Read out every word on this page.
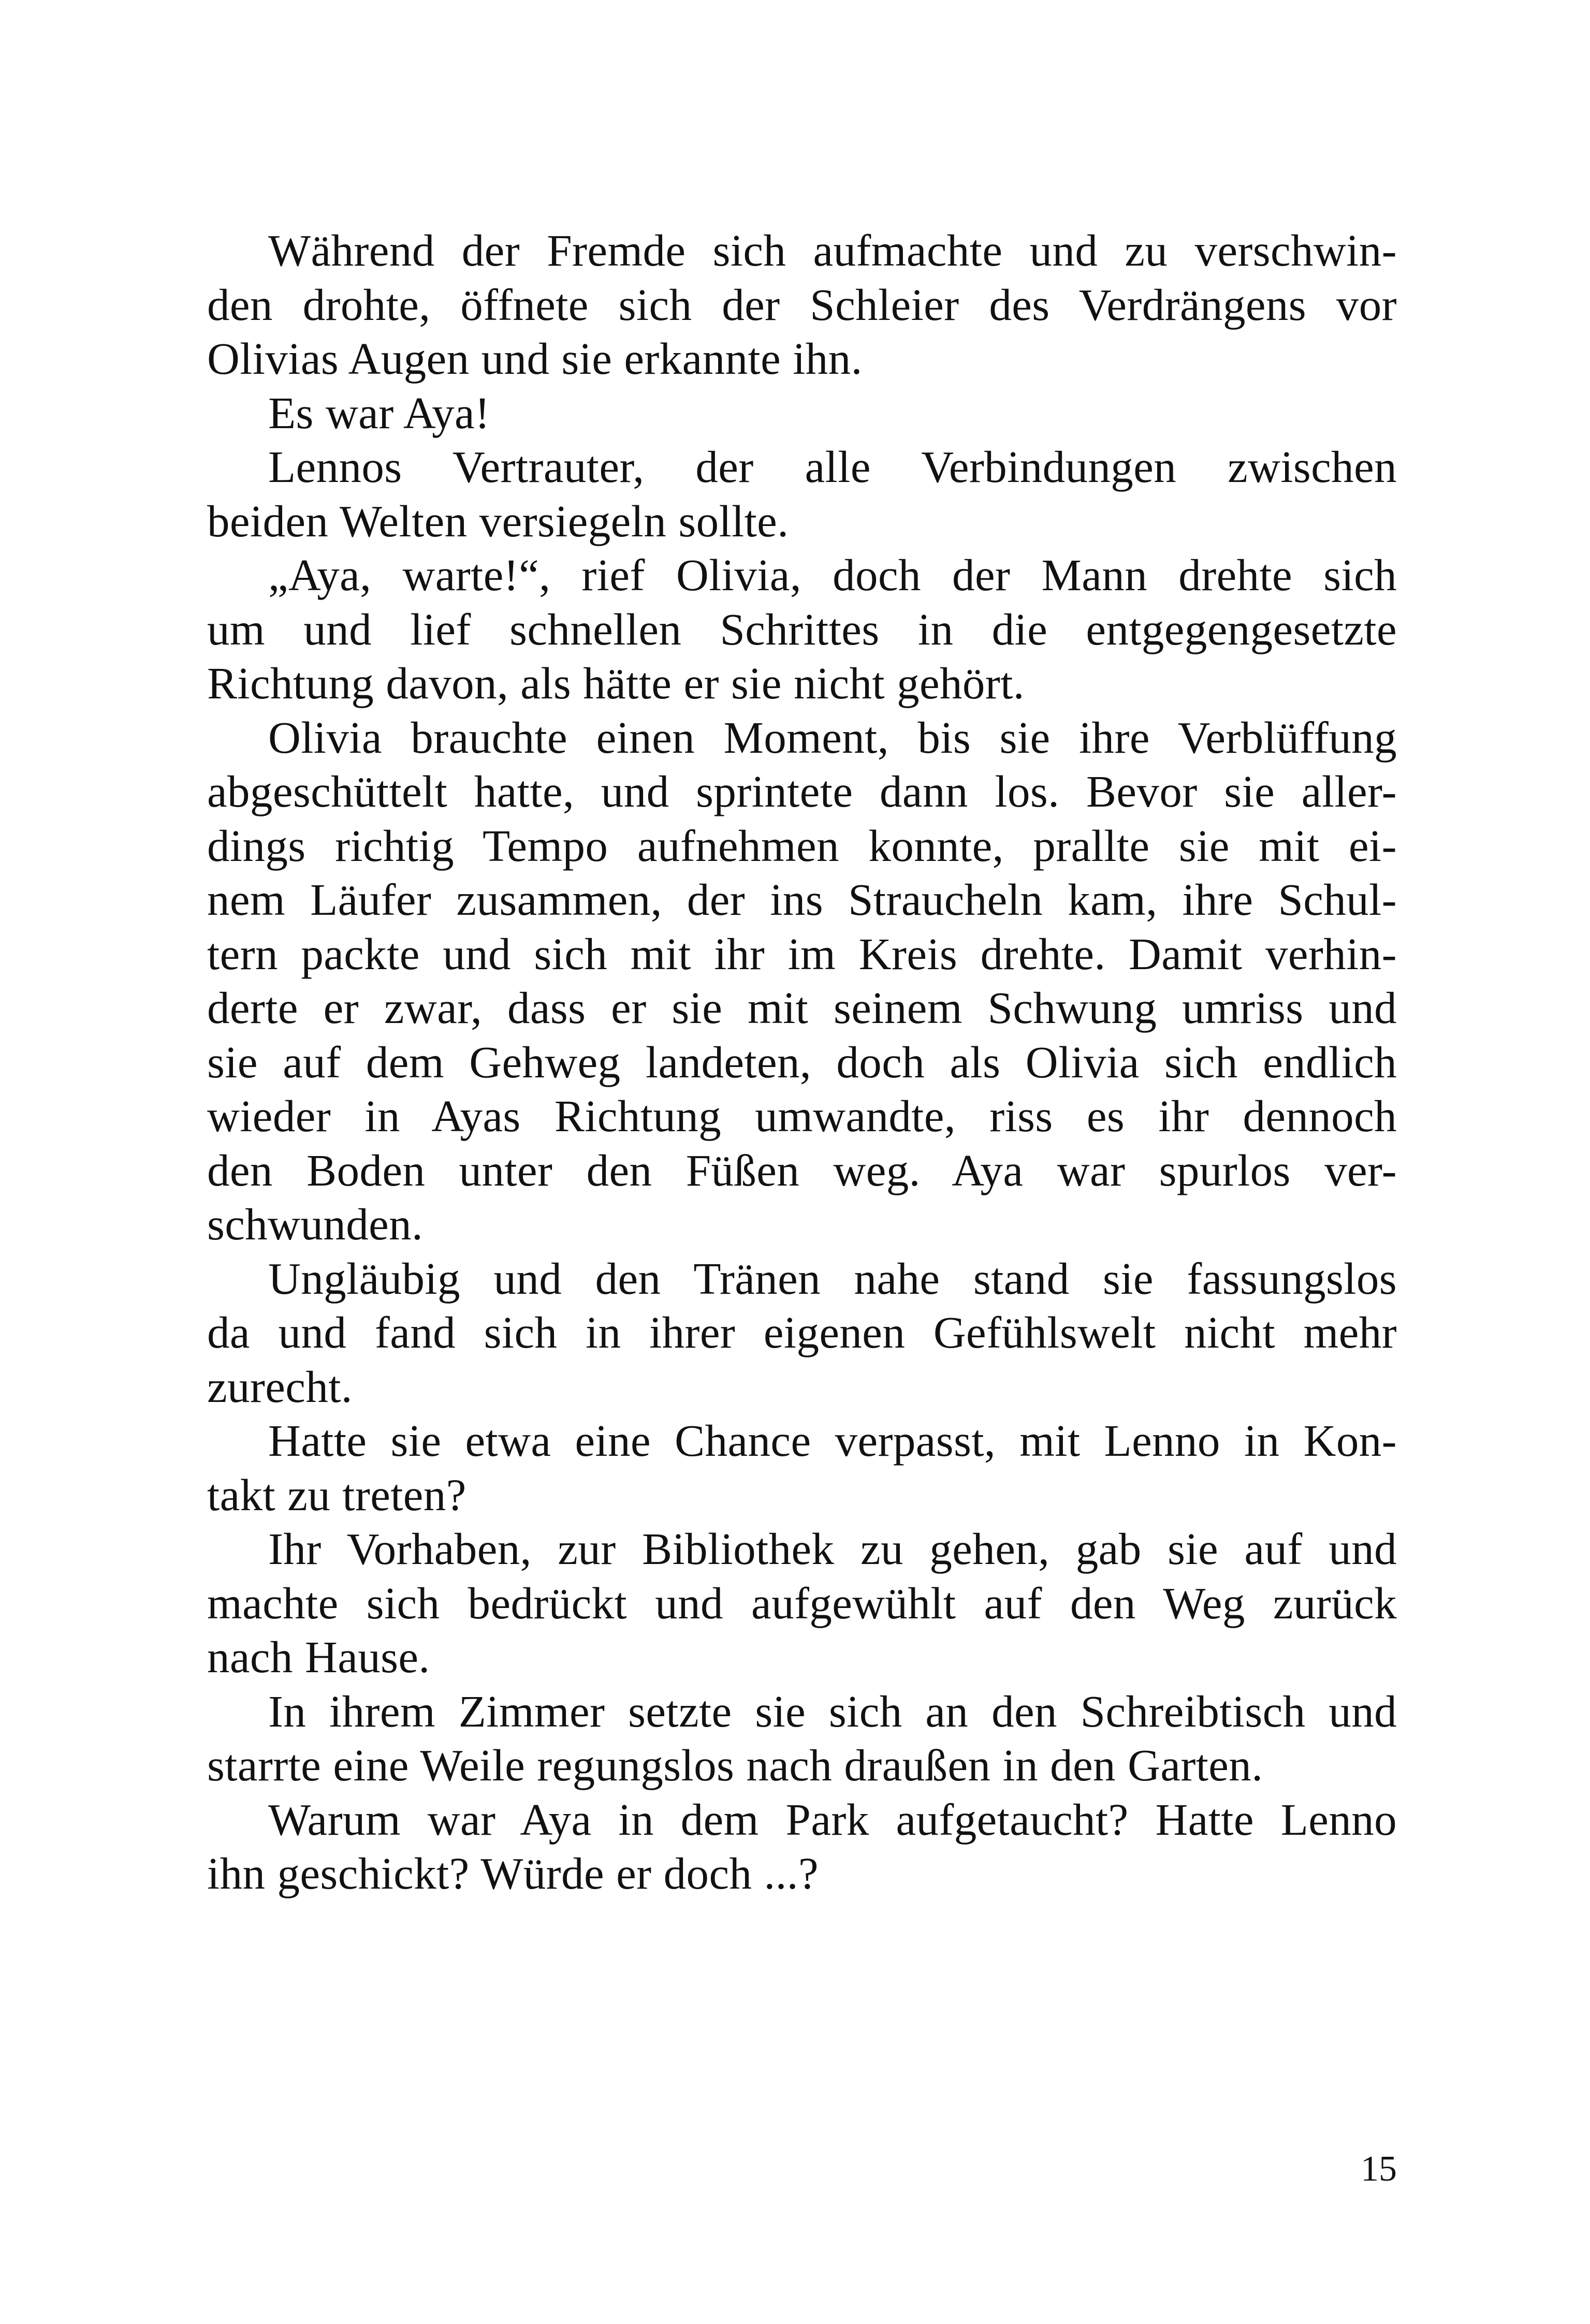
Während der Fremde sich aufmachte und zu verschwin-
den drohte, öffnete sich der Schleier des Verdrängens vor
Olivias Augen und sie erkannte ihn.
Es war Aya!
Lennos Vertrauter, der alle Verbindungen zwischen
beiden Welten versiegeln sollte.
„Aya, warte!“, rief Olivia, doch der Mann drehte sich
um und lief schnellen Schrittes in die entgegengesetzte
Richtung davon, als hätte er sie nicht gehört.
Olivia brauchte einen Moment, bis sie ihre Verblüffung
abgeschüttelt hatte, und sprintete dann los. Bevor sie aller-
dings richtig Tempo aufnehmen konnte, prallte sie mit ei-
nem Läufer zusammen, der ins Straucheln kam, ihre Schul-
tern packte und sich mit ihr im Kreis drehte. Damit verhin-
derte er zwar, dass er sie mit seinem Schwung umriss und
sie auf dem Gehweg landeten, doch als Olivia sich endlich
wieder in Ayas Richtung umwandte, riss es ihr dennoch
den Boden unter den Füßen weg. Aya war spurlos ver-
schwunden.
Ungläubig und den Tränen nahe stand sie fassungslos
da und fand sich in ihrer eigenen Gefühlswelt nicht mehr
zurecht.
Hatte sie etwa eine Chance verpasst, mit Lenno in Kon-
takt zu treten?
Ihr Vorhaben, zur Bibliothek zu gehen, gab sie auf und
machte sich bedrückt und aufgewühlt auf den Weg zurück
nach Hause.
In ihrem Zimmer setzte sie sich an den Schreibtisch und
starrte eine Weile regungslos nach draußen in den Garten.
Warum war Aya in dem Park aufgetaucht? Hatte Lenno
ihn geschickt? Würde er doch ...?
15
